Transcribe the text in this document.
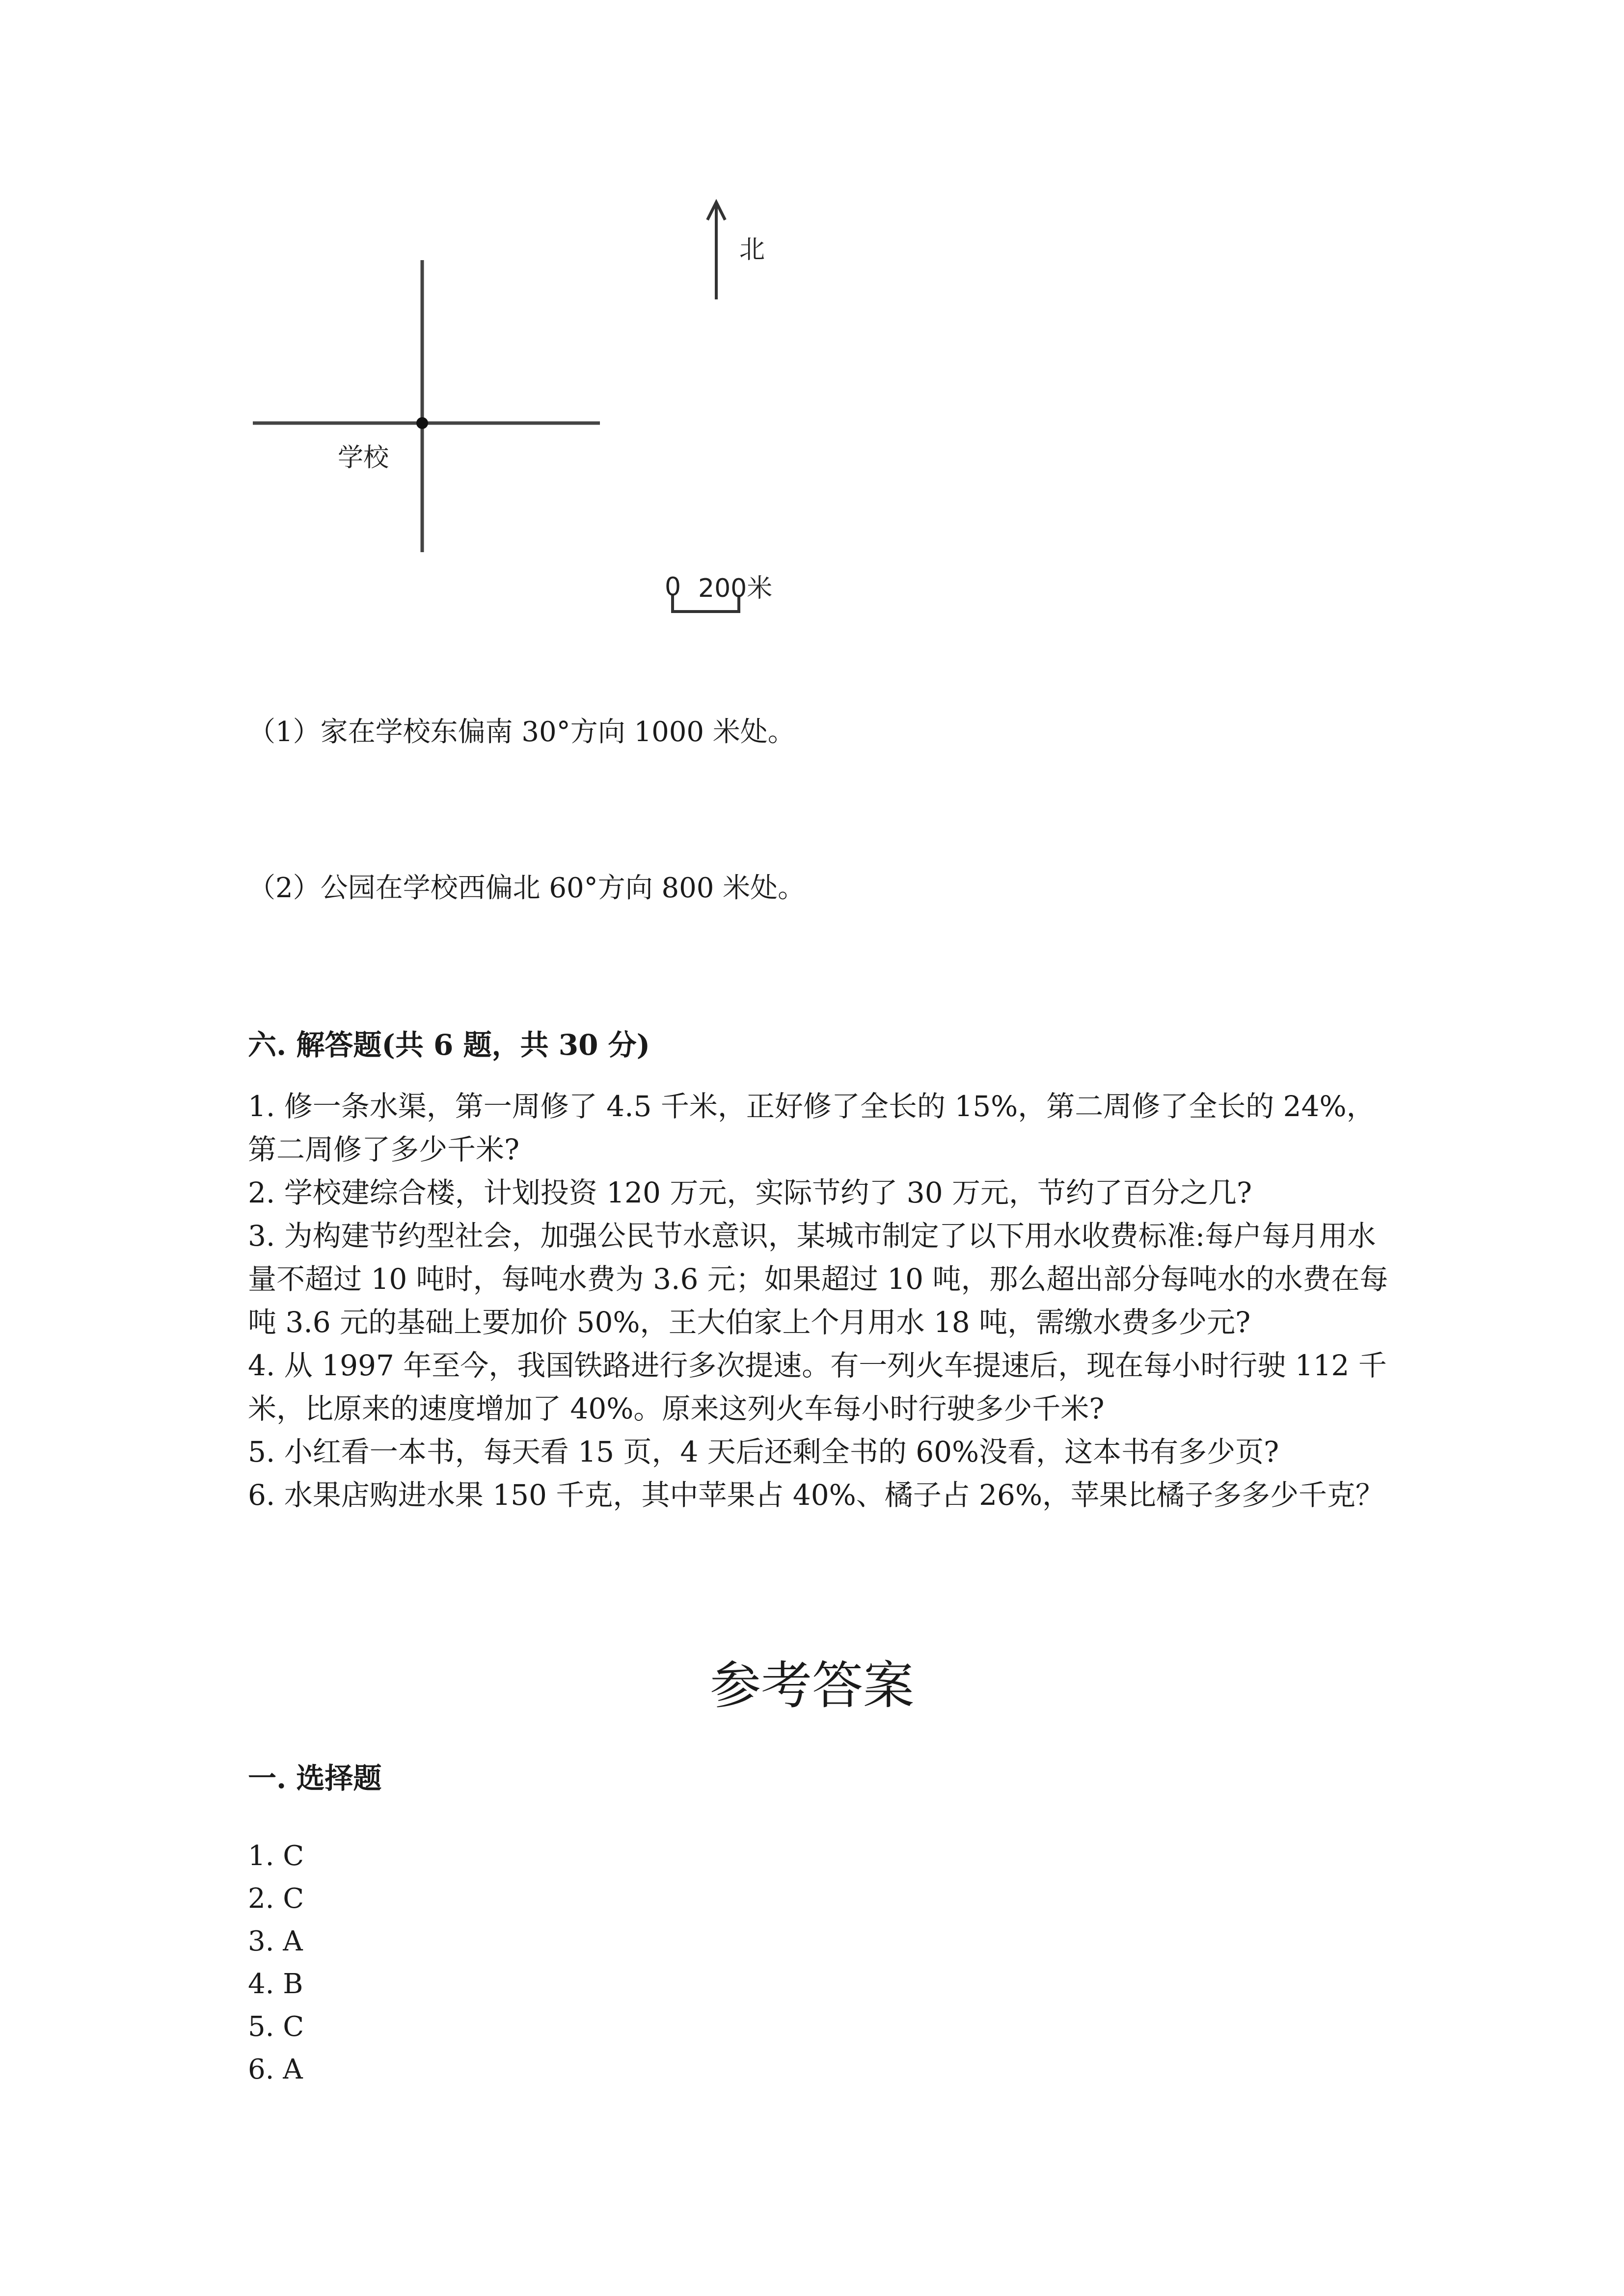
北
学校
0 200米
（1）家在学校东偏南 30°方向 1000 米处。
（2）公园在学校西偏北 60°方向 800 米处。
六. 解答题(共 6 题，共 30 分)

1. 修一条水渠，第一周修了 4.5 千米，正好修了全长的 15%，第二周修了全长的 24%，第二周修了多少千米?

2. 学校建综合楼，计划投资 120 万元，实际节约了 30 万元，节约了百分之几?

3. 为构建节约型社会，加强公民节水意识，某城市制定了以下用水收费标准:每户每月用水量不超过 10 吨时，每吨水费为 3.6 元；如果超过 10 吨，那么超出部分每吨水的水费在每吨 3.6 元的基础上要加价 50%，王大伯家上个月用水 18 吨，需缴水费多少元?

4. 从 1997 年至今，我国铁路进行多次提速。有一列火车提速后，现在每小时行驶 112 千米，比原来的速度增加了 40%。原来这列火车每小时行驶多少千米?

5. 小红看一本书，每天看 15 页，4 天后还剩全书的 60%没看，这本书有多少页?

6. 水果店购进水果 150 千克，其中苹果占 40%、橘子占 26%，苹果比橘子多多少千克？

参考答案
一. 选择题

1. C

2. C

3. A

4. B

5. C

6. A
